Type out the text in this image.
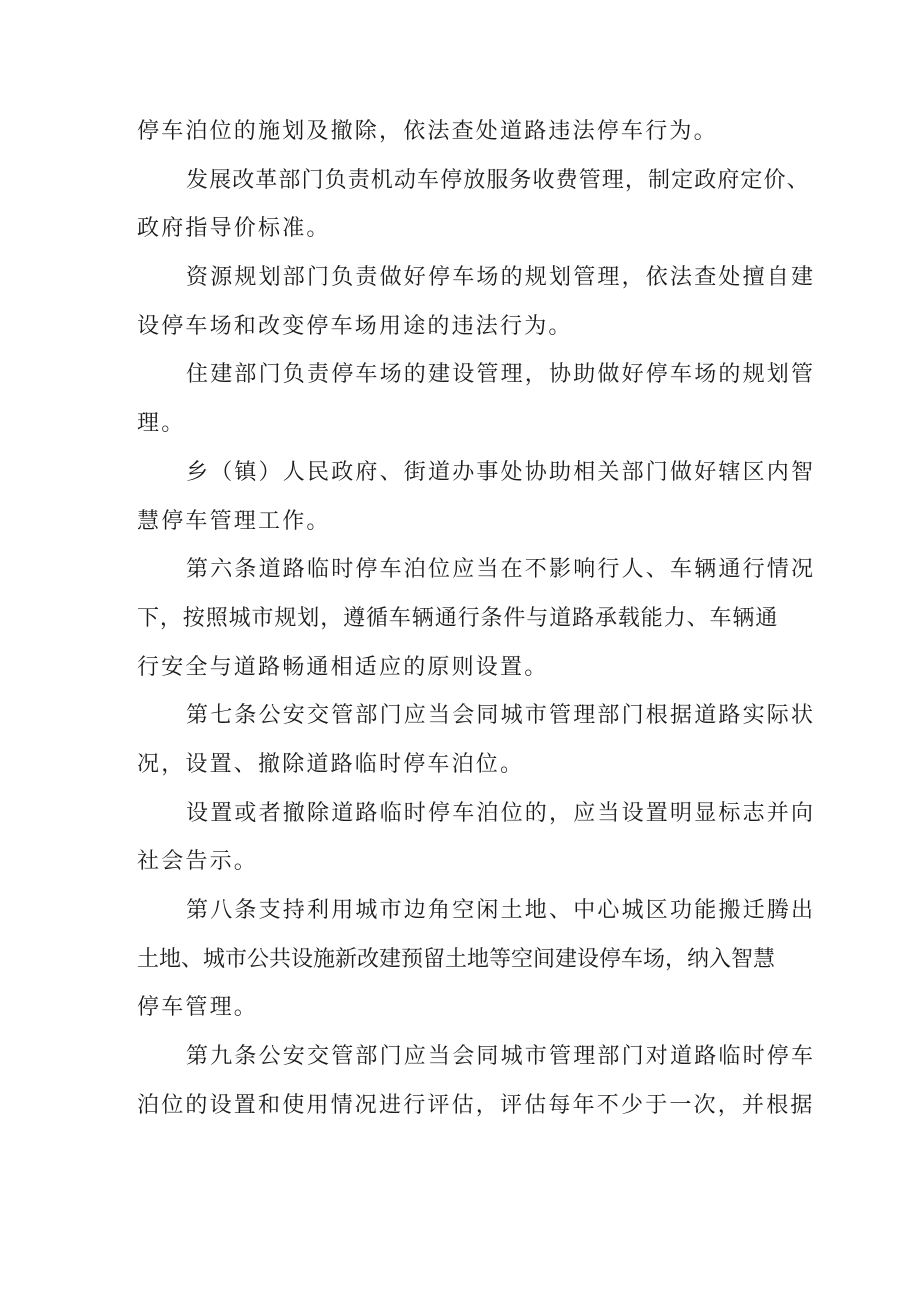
停车泊位的施划及撤除，依法查处道路违法停车行为。
发展改革部门负责机动车停放服务收费管理，制定政府定价、
政府指导价标准。
资源规划部门负责做好停车场的规划管理，依法查处擅自建
设停车场和改变停车场用途的违法行为。
住建部门负责停车场的建设管理，协助做好停车场的规划管
理。
乡（镇）人民政府、街道办事处协助相关部门做好辖区内智
慧停车管理工作。
第六条道路临时停车泊位应当在不影响行人、车辆通行情况
下，按照城市规划，遵循车辆通行条件与道路承载能力、车辆通
行安全与道路畅通相适应的原则设置。
第七条公安交管部门应当会同城市管理部门根据道路实际状
况，设置、撤除道路临时停车泊位。
设置或者撤除道路临时停车泊位的，应当设置明显标志并向
社会告示。
第八条支持利用城市边角空闲土地、中心城区功能搬迁腾出
土地、城市公共设施新改建预留土地等空间建设停车场，纳入智慧
停车管理。
第九条公安交管部门应当会同城市管理部门对道路临时停车
泊位的设置和使用情况进行评估，评估每年不少于一次，并根据
